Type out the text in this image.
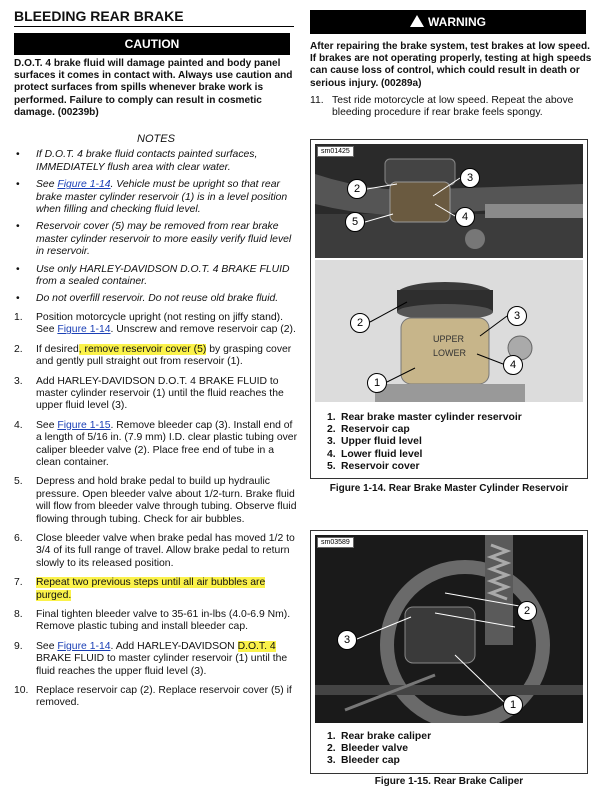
BLEEDING REAR BRAKE
CAUTION

D.O.T. 4 brake fluid will damage painted and body panel surfaces it comes in contact with. Always use caution and protect surfaces from spills whenever brake work is performed. Failure to comply can result in cosmetic damage. (00239b)

NOTES
• If D.O.T. 4 brake fluid contacts painted surfaces, IMMEDIATELY flush area with clear water.
• See Figure 1-14. Vehicle must be upright so that rear brake master cylinder reservoir (1) is in a level position when filling and checking fluid level.
• Reservoir cover (5) may be removed from rear brake master cylinder reservoir to more easily verify fluid level in reservoir.
• Use only HARLEY-DAVIDSON D.O.T. 4 BRAKE FLUID from a sealed container.
• Do not overfill reservoir. Do not reuse old brake fluid.
1. Position motorcycle upright (not resting on jiffy stand). See Figure 1-14. Unscrew and remove reservoir cap (2).
2. If desired, remove reservoir cover (5) by grasping cover and gently pull straight out from reservoir (1).
3. Add HARLEY-DAVIDSON D.O.T. 4 BRAKE FLUID to master cylinder reservoir (1) until the fluid reaches the upper fluid level (3).
4. See Figure 1-15. Remove bleeder cap (3). Install end of a length of 5/16 in. (7.9 mm) I.D. clear plastic tubing over caliper bleeder valve (2). Place free end of tube in a clean container.
5. Depress and hold brake pedal to build up hydraulic pressure. Open bleeder valve about 1/2-turn. Brake fluid will flow from bleeder valve through tubing. Observe fluid flowing through tubing. Check for air bubbles.
6. Close bleeder valve when brake pedal has moved 1/2 to 3/4 of its full range of travel. Allow brake pedal to return slowly to its released position.
7. Repeat two previous steps until all air bubbles are purged.
8. Final tighten bleeder valve to 35-61 in-lbs (4.0-6.9 Nm). Remove plastic tubing and install bleeder cap.
9. See Figure 1-14. Add HARLEY-DAVIDSON D.O.T. 4 BRAKE FLUID to master cylinder reservoir (1) until the fluid reaches the upper fluid level (3).
10. Replace reservoir cap (2). Replace reservoir cover (5) if removed.
WARNING

After repairing the brake system, test brakes at low speed. If brakes are not operating properly, testing at high speeds can cause loss of control, which could result in death or serious injury. (00289a)

11. Test ride motorcycle at low speed. Repeat the above bleeding procedure if rear brake feels spongy.
sm01425
2
3
4
5
UPPER
LOWER
2
3
4
1
1. Rear brake master cylinder reservoir
2. Reservoir cap
3. Upper fluid level
4. Lower fluid level
5. Reservoir cover
Figure 1-14. Rear Brake Master Cylinder Reservoir
sm03589
2
3
1
1. Rear brake caliper
2. Bleeder valve
3. Bleeder cap
Figure 1-15. Rear Brake Caliper
